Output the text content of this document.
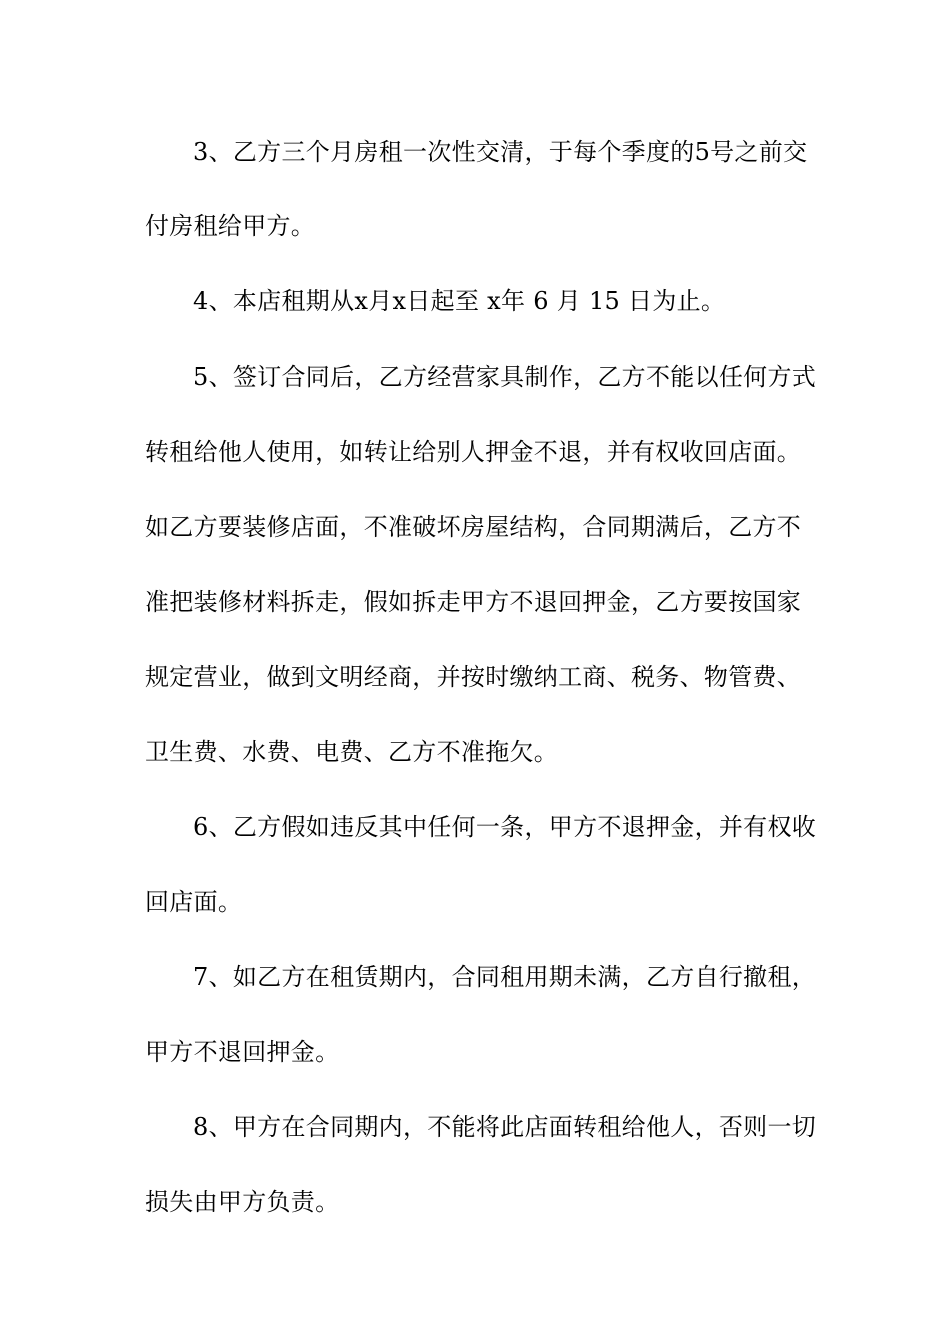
3、乙方三个月房租一次性交清，于每个季度的5号之前交
付房租给甲方。
4、本店租期从x月x日起至 x年 6 月 15 日为止。
5、签订合同后，乙方经营家具制作，乙方不能以任何方式
转租给他人使用，如转让给别人押金不退，并有权收回店面。
如乙方要装修店面，不准破坏房屋结构，合同期满后，乙方不
准把装修材料拆走，假如拆走甲方不退回押金，乙方要按国家
规定营业，做到文明经商，并按时缴纳工商、税务、物管费、
卫生费、水费、电费、乙方不准拖欠。
6、乙方假如违反其中任何一条，甲方不退押金，并有权收
回店面。
7、如乙方在租赁期内，合同租用期未满，乙方自行撤租，
甲方不退回押金。
8、甲方在合同期内，不能将此店面转租给他人，否则一切
损失由甲方负责。
